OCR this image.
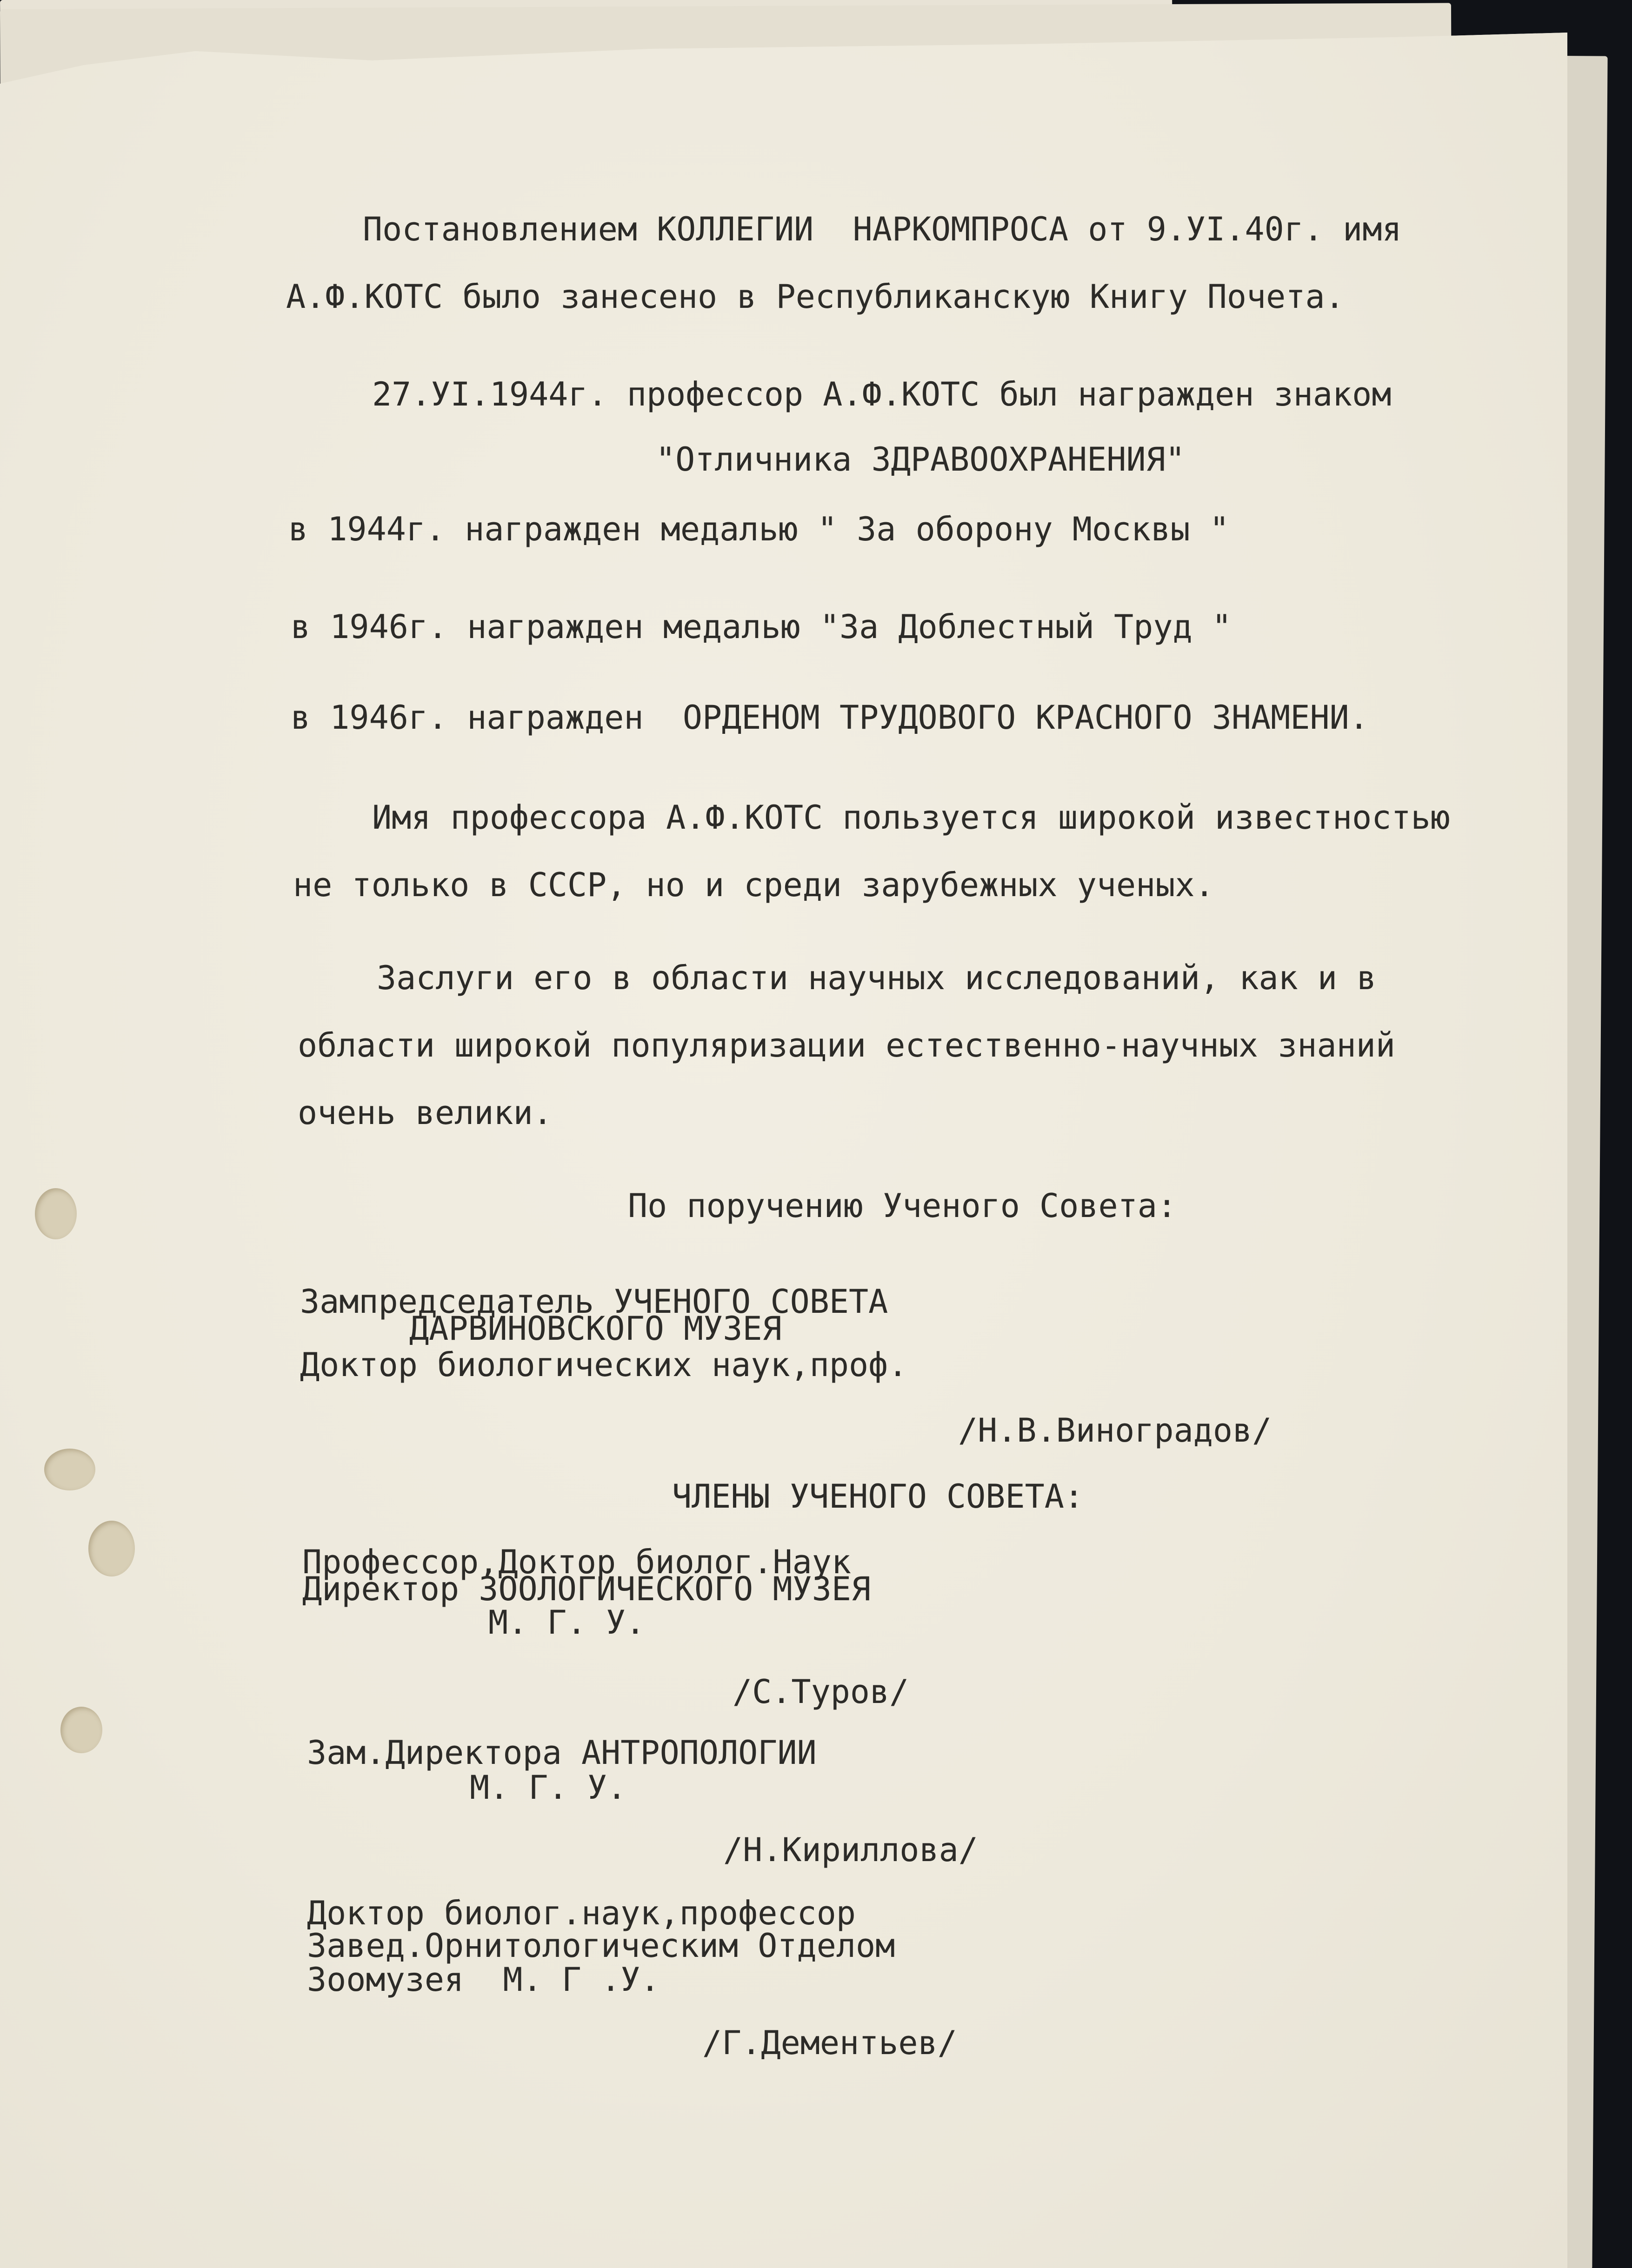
Постановлением КОЛЛЕГИИ  НАРКОМПРОСА от 9.УI.40г. имя

А.Ф.КОТС было занесено в Республиканскую Книгу Почета.

27.УI.1944г. профессор А.Ф.КОТС был награжден знаком

"Отличника ЗДРАВООХРАНЕНИЯ"

в 1944г. награжден медалью " За оборону Москвы "

в 1946г. награжден медалью "За Доблестный Труд "

в 1946г. награжден  ОРДЕНОМ ТРУДОВОГО КРАСНОГО ЗНАМЕНИ.

Имя профессора А.Ф.КОТС пользуется широкой известностью

не только в СССР, но и среди зарубежных ученых.

Заслуги его в области научных исследований, как и в

области широкой популяризации естественно-научных знаний

очень велики.

По поручению Ученого Совета:

Зампредседатель УЧЕНОГО СОВЕТА

ДАРВИНОВСКОГО МУЗЕЯ

Доктор биологических наук,проф.

/Н.В.Виноградов/

ЧЛЕНЫ УЧЕНОГО СОВЕТА:

Профессор,Доктор биолог.Наук

Директор ЗООЛОГИЧЕСКОГО МУЗЕЯ

М. Г. У.

/С.Туров/

Зам.Директора АНТРОПОЛОГИИ

М. Г. У.

/Н.Кириллова/

Доктор биолог.наук,профессор

Завед.Орнитологическим Отделом

Зоомузея  М. Г .У.

/Г.Дементьев/
